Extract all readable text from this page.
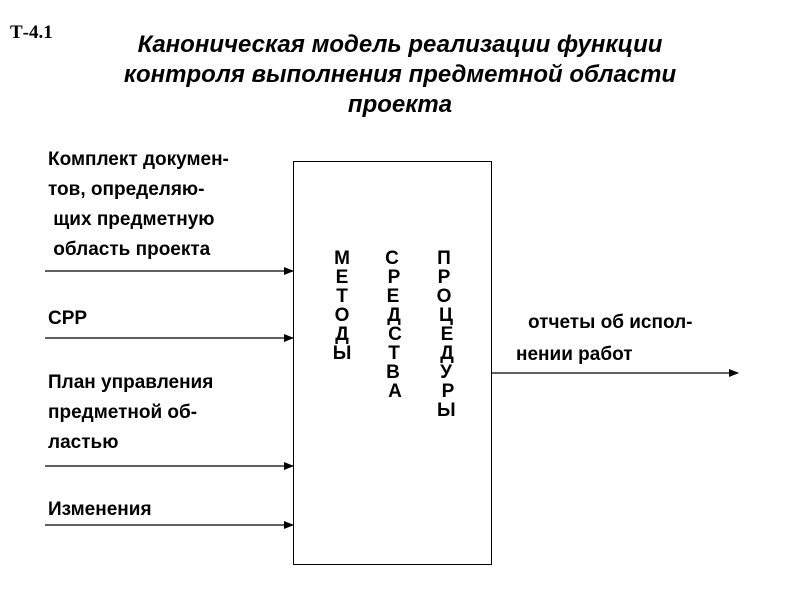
Т-4.1	Каноническая модель реализации функции
контроля выполнения предметной области
проекта
Комплект докумен-
тов, определяю-
щих предметную
область проекта
СРР
План управления
предметной об-
ластью
Изменения
М
Е
Т
О
Д
Ы
С
Р
Е
Д
С
Т
В
А
П
Р
О
Ц
Е
Д
У
Р
Ы
отчеты об испол-
нении работ
